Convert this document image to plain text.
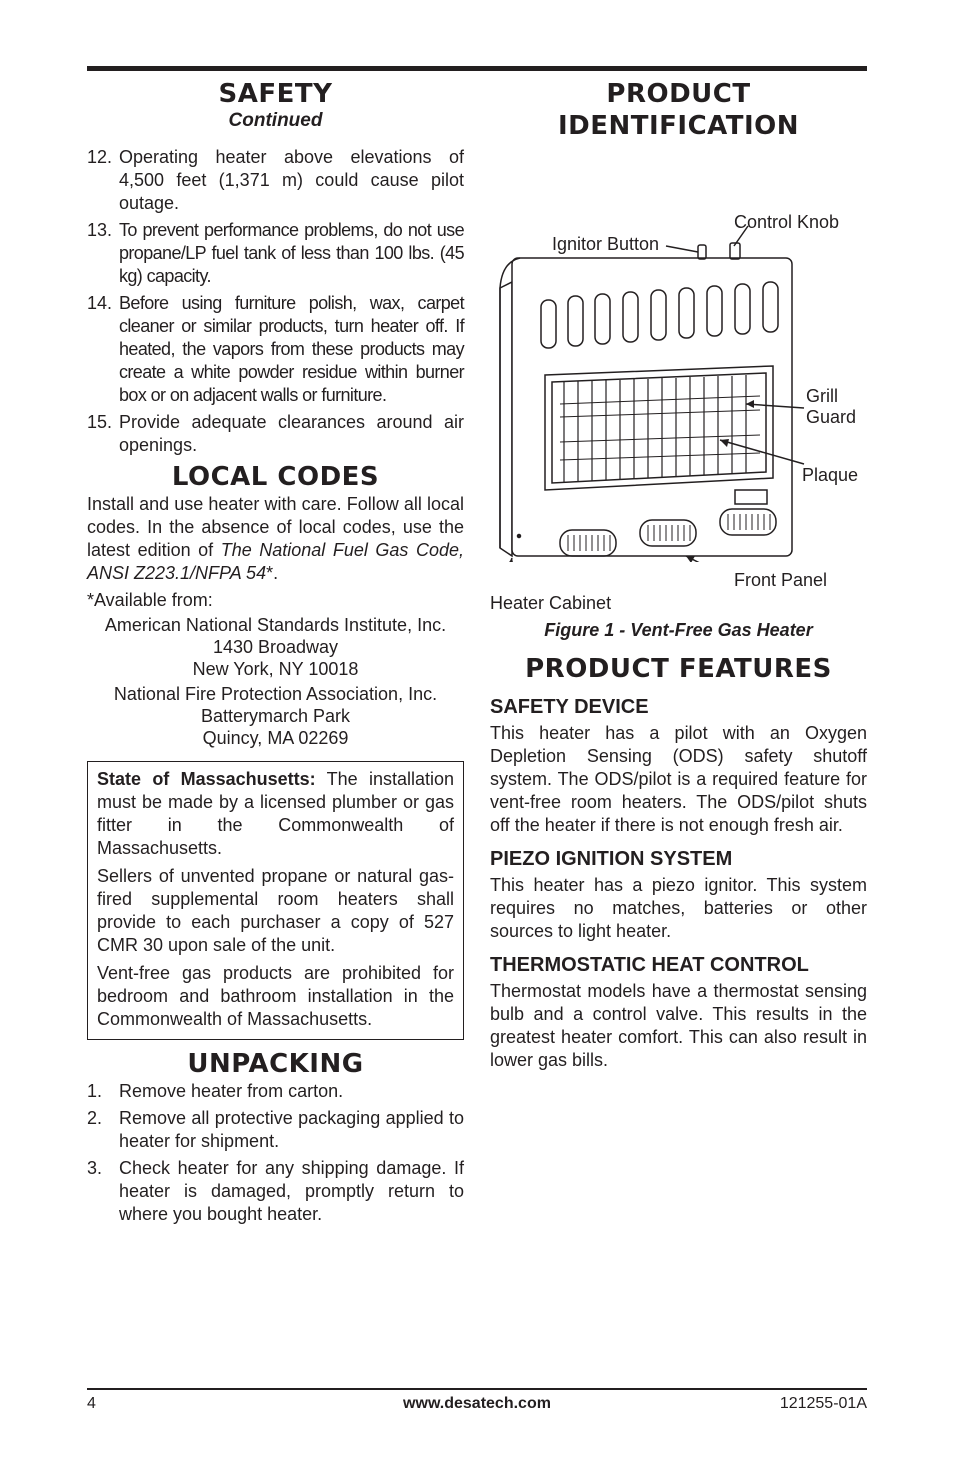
SAFETY
Continued
12. Operating heater above elevations of 4,500 feet (1,371 m) could cause pilot outage.
13. To prevent performance problems, do not use propane/LP fuel tank of less than 100 lbs. (45 kg) capacity.
14. Before using furniture polish, wax, carpet cleaner or similar products, turn heater off. If heated, the vapors from these products may create a white powder residue within burner box or on adjacent walls or furniture.
15. Provide adequate clearances around air openings.
LOCAL CODES

Install and use heater with care. Follow all local codes. In the absence of local codes, use the latest edition of The National Fuel Gas Code, ANSI Z223.1/NFPA 54*.

*Available from:

American National Standards Institute, Inc.
1430 Broadway
New York, NY 10018
National Fire Protection Association, Inc.
Batterymarch Park
Quincy, MA 02269

State of Massachusetts: The installation must be made by a licensed plumber or gas fitter in the Commonwealth of Massachusetts.

Sellers of unvented propane or natural gas-fired supplemental room heaters shall provide to each purchaser a copy of 527 CMR 30 upon sale of the unit.

Vent-free gas products are prohibited for bedroom and bathroom installation in the Commonwealth of Massachusetts.

UNPACKING
1. Remove heater from carton.
2. Remove all protective packaging applied to heater for shipment.
3. Check heater for any shipping damage. If heater is damaged, promptly return to where you bought heater.
PRODUCT
IDENTIFICATION
Control Knob
Ignitor Button
Grill
Guard
Plaque
Front Panel
Heater Cabinet
Figure 1 - Vent-Free Gas Heater
PRODUCT FEATURES
SAFETY DEVICE

This heater has a pilot with an Oxygen Depletion Sensing (ODS) safety shutoff system. The ODS/pilot is a required feature for vent-free room heaters. The ODS/pilot shuts off the heater if there is not enough fresh air.

PIEZO IGNITION SYSTEM

This heater has a piezo ignitor. This system requires no matches, batteries or other sources to light heater.

THERMOSTATIC HEAT CONTROL

Thermostat models have a thermostat sensing bulb and a control valve. This results in the greatest heater comfort. This can also result in lower gas bills.

4	www.desatech.com	121255-01A
